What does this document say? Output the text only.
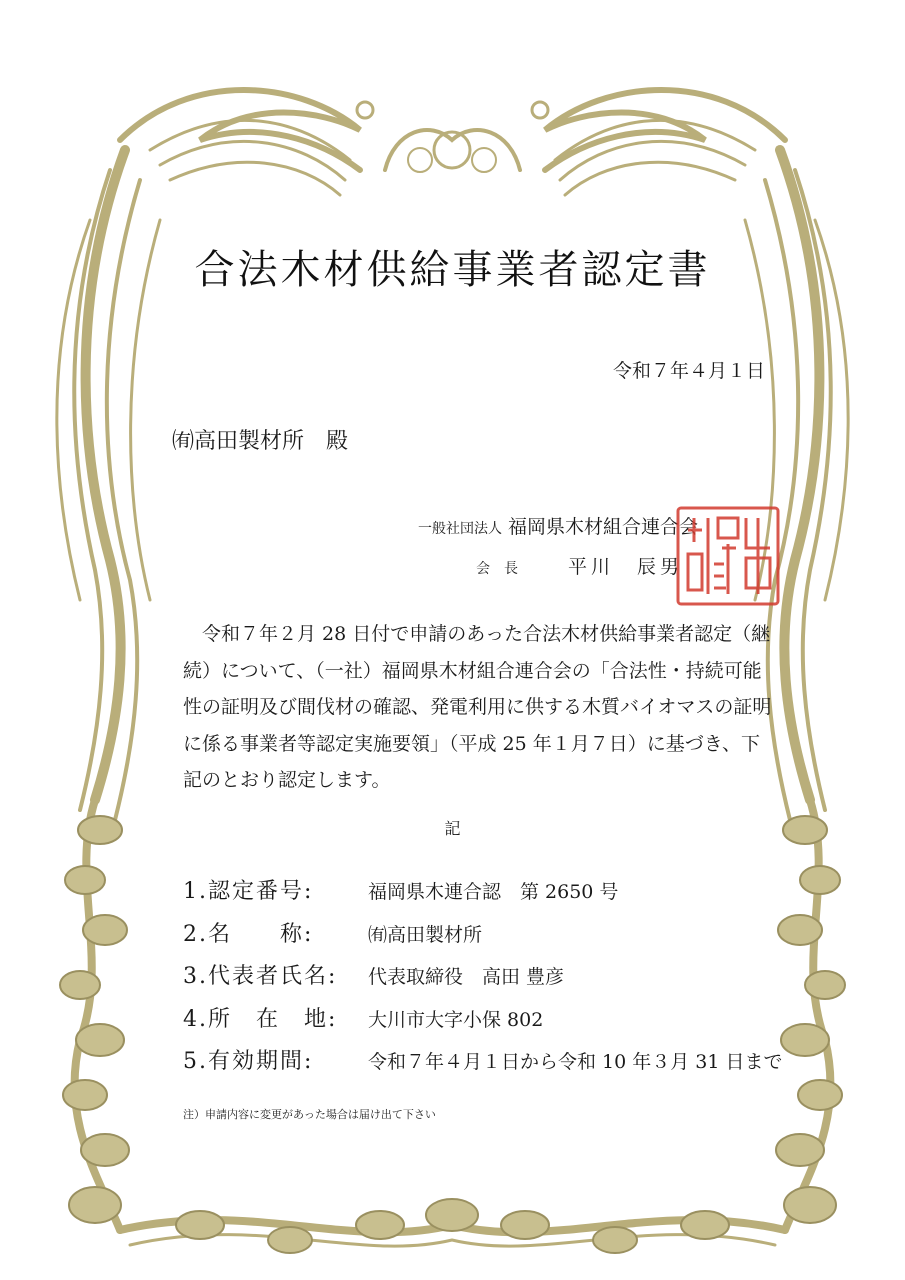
合法木材供給事業者認定書
令和７年４月１日
㈲高田製材所 殿
一般社団法人 福岡県木材組合連合会
会　長	平川　辰男
令和７年２月 28 日付で申請のあった合法木材供給事業者認定（継続）について、（一社）福岡県木材組合連合会の「合法性・持続可能性の証明及び間伐材の確認、発電利用に供する木質バイオマスの証明に係る事業者等認定実施要領」（平成 25 年１月７日）に基づき、下記のとおり認定します。
記
1.認定番号:	福岡県木連合認　第 2650 号
2.名　　称:	㈲高田製材所
3.代表者氏名:	代表取締役　高田 豊彦
4.所　在　地:	大川市大字小保 802
5.有効期間:	令和７年４月１日から令和 10 年３月 31 日まで
注）申請内容に変更があった場合は届け出て下さい
